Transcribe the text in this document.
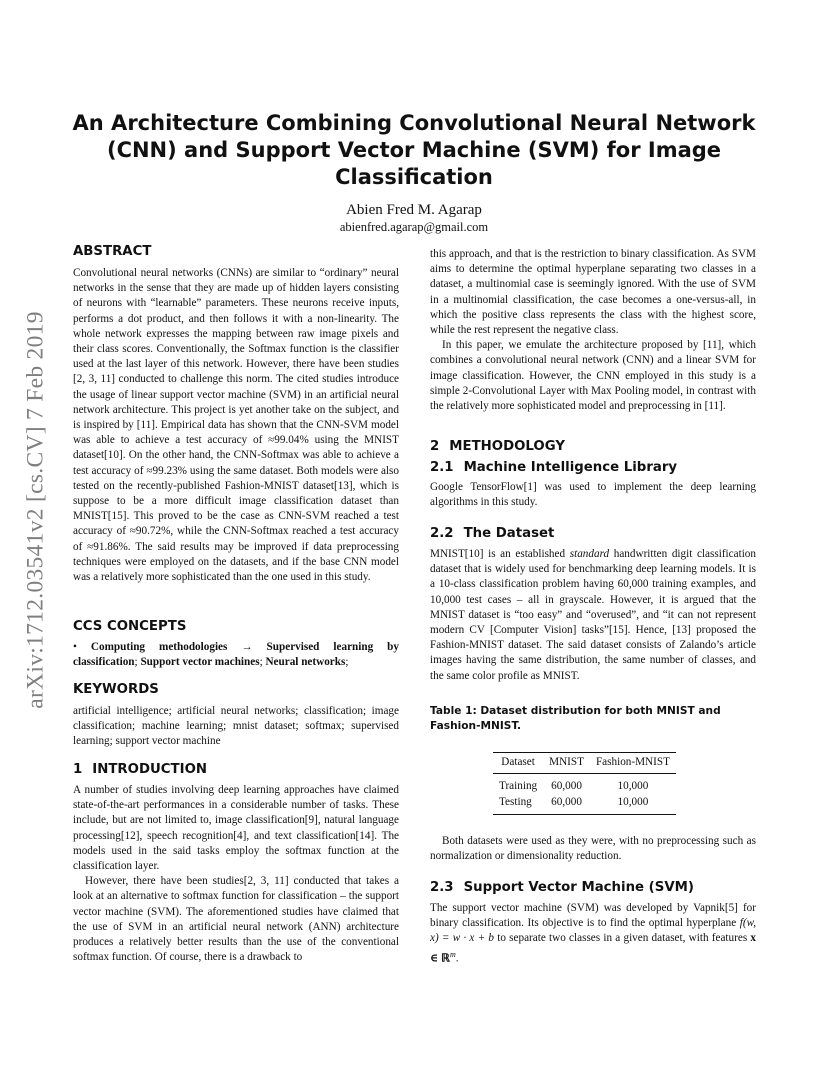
An Architecture Combining Convolutional Neural Network
(CNN) and Support Vector Machine (SVM) for Image
Classification
Abien Fred M. Agarap
abienfred.agarap@gmail.com
arXiv:1712.03541v2 [cs.CV] 7 Feb 2019
ABSTRACT

Convolutional neural networks (CNNs) are similar to “ordinary” neural networks in the sense that they are made up of hidden layers consisting of neurons with “learnable” parameters. These neurons receive inputs, performs a dot product, and then follows it with a non-linearity. The whole network expresses the mapping between raw image pixels and their class scores. Conventionally, the Softmax function is the classifier used at the last layer of this network. However, there have been studies [2, 3, 11] conducted to challenge this norm. The cited studies introduce the usage of linear support vector machine (SVM) in an artificial neural network architecture. This project is yet another take on the subject, and is inspired by [11]. Empirical data has shown that the CNN-SVM model was able to achieve a test accuracy of ≈99.04% using the MNIST dataset[10]. On the other hand, the CNN-Softmax was able to achieve a test accuracy of ≈99.23% using the same dataset. Both models were also tested on the recently-published Fashion-MNIST dataset[13], which is suppose to be a more difficult image classification dataset than MNIST[15]. This proved to be the case as CNN-SVM reached a test accuracy of ≈90.72%, while the CNN-Softmax reached a test accuracy of ≈91.86%. The said results may be improved if data preprocessing techniques were employed on the datasets, and if the base CNN model was a relatively more sophisticated than the one used in this study.

CCS CONCEPTS

• Computing methodologies → Supervised learning by classification; Support vector machines; Neural networks;

KEYWORDS

artificial intelligence; artificial neural networks; classification; image classification; machine learning; mnist dataset; softmax; supervised learning; support vector machine

1 INTRODUCTION

A number of studies involving deep learning approaches have claimed state-of-the-art performances in a considerable number of tasks. These include, but are not limited to, image classification[9], natural language processing[12], speech recognition[4], and text classification[14]. The models used in the said tasks employ the softmax function at the classification layer.

However, there have been studies[2, 3, 11] conducted that takes a look at an alternative to softmax function for classification – the support vector machine (SVM). The aforementioned studies have claimed that the use of SVM in an artificial neural network (ANN) architecture produces a relatively better results than the use of the conventional softmax function. Of course, there is a drawback to

this approach, and that is the restriction to binary classification. As SVM aims to determine the optimal hyperplane separating two classes in a dataset, a multinomial case is seemingly ignored. With the use of SVM in a multinomial classification, the case becomes a one-versus-all, in which the positive class represents the class with the highest score, while the rest represent the negative class.

In this paper, we emulate the architecture proposed by [11], which combines a convolutional neural network (CNN) and a linear SVM for image classification. However, the CNN employed in this study is a simple 2-Convolutional Layer with Max Pooling model, in contrast with the relatively more sophisticated model and preprocessing in [11].

2 METHODOLOGY
2.1 Machine Intelligence Library

Google TensorFlow[1] was used to implement the deep learning algorithms in this study.

2.2 The Dataset

MNIST[10] is an established standard handwritten digit classification dataset that is widely used for benchmarking deep learning models. It is a 10-class classification problem having 60,000 training examples, and 10,000 test cases – all in grayscale. However, it is argued that the MNIST dataset is “too easy” and “overused”, and “it can not represent modern CV [Computer Vision] tasks”[15]. Hence, [13] proposed the Fashion-MNIST dataset. The said dataset consists of Zalando’s article images having the same distribution, the same number of classes, and the same color profile as MNIST.

Table 1: Dataset distribution for both MNIST and Fashion-MNIST.
Dataset	MNIST	Fashion-MNIST
Training	60,000	10,000
Testing	60,000	10,000

Both datasets were used as they were, with no preprocessing such as normalization or dimensionality reduction.

2.3 Support Vector Machine (SVM)

The support vector machine (SVM) was developed by Vapnik[5] for binary classification. Its objective is to find the optimal hyperplane f(w, x) = w · x + b to separate two classes in a given dataset, with features x ∈ ℝ$^m$.
